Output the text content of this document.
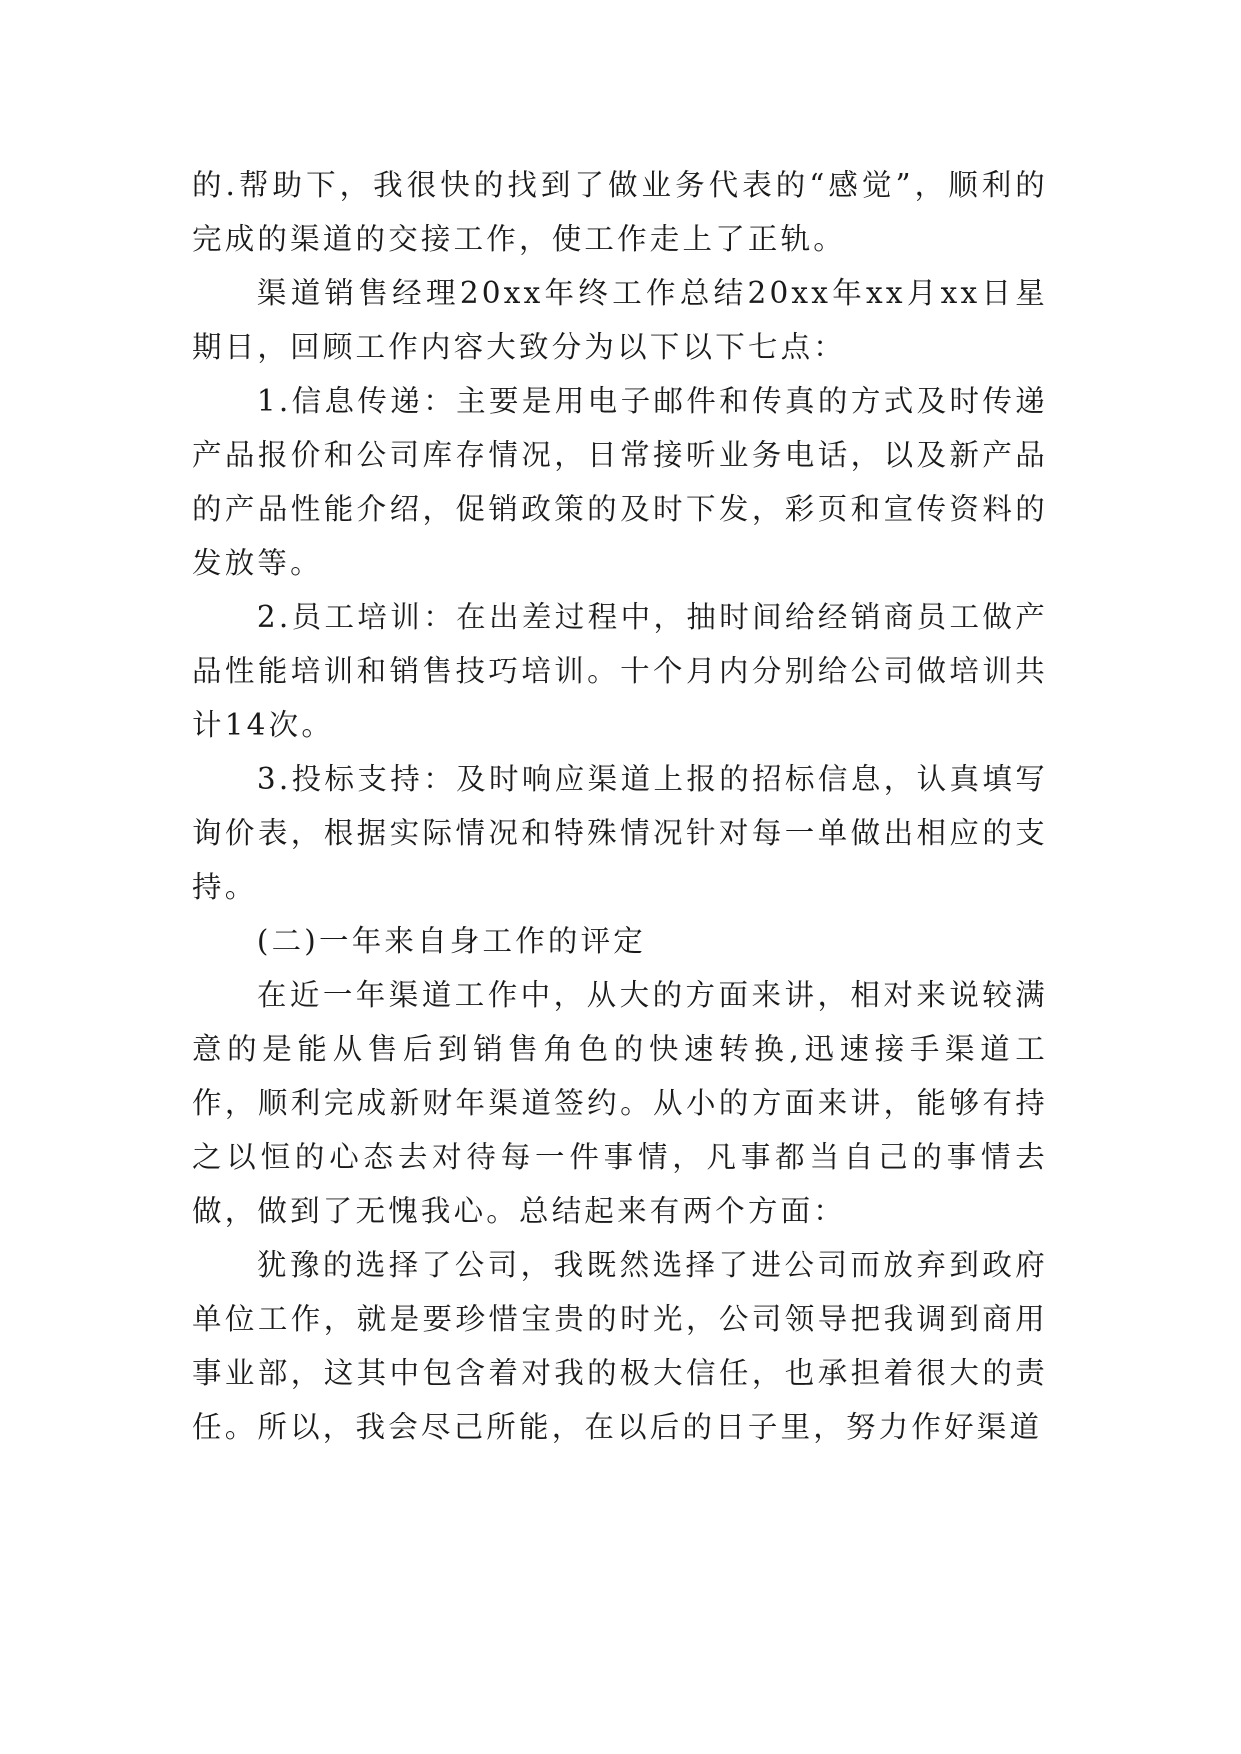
的.帮助下，我很快的找到了做业务代表的“感觉”，顺利的完成的渠道的交接工作，使工作走上了正轨。

渠道销售经理20xx年终工作总结20xx年xx月xx日星期日，回顾工作内容大致分为以下以下七点：

1.信息传递：主要是用电子邮件和传真的方式及时传递产品报价和公司库存情况，日常接听业务电话，以及新产品的产品性能介绍，促销政策的及时下发，彩页和宣传资料的发放等。

2.员工培训：在出差过程中，抽时间给经销商员工做产品性能培训和销售技巧培训。十个月内分别给公司做培训共计14次。

3.投标支持：及时响应渠道上报的招标信息，认真填写询价表，根据实际情况和特殊情况针对每一单做出相应的支持。

(二)一年来自身工作的评定

在近一年渠道工作中，从大的方面来讲，相对来说较满意的是能从售后到销售角色的快速转换,迅速接手渠道工作，顺利完成新财年渠道签约。从小的方面来讲，能够有持之以恒的心态去对待每一件事情，凡事都当自己的事情去做，做到了无愧我心。总结起来有两个方面：

犹豫的选择了公司，我既然选择了进公司而放弃到政府单位工作，就是要珍惜宝贵的时光，公司领导把我调到商用事业部，这其中包含着对我的极大信任，也承担着很大的责任。所以，我会尽己所能，在以后的日子里，努力作好渠道
